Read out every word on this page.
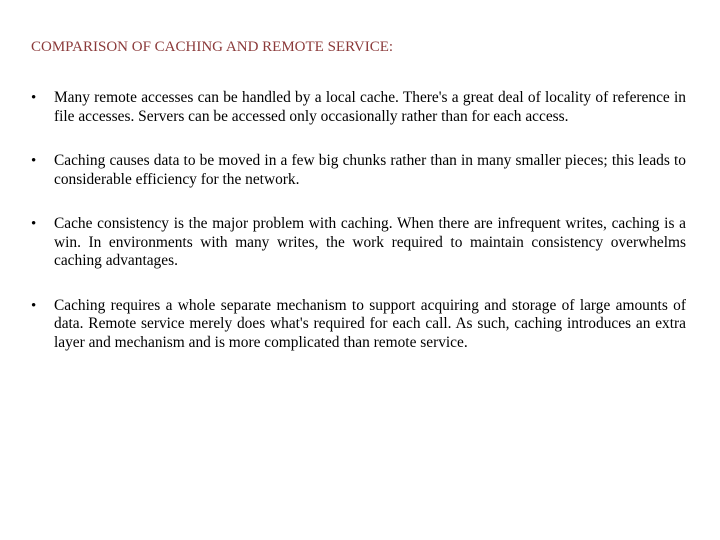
COMPARISON OF CACHING AND REMOTE SERVICE:
• Many remote accesses can be handled by a local cache. There's a great deal of locality of reference in file accesses. Servers can be accessed only occasionally rather than for each access.
• Caching causes data to be moved in a few big chunks rather than in many smaller pieces; this leads to considerable efficiency for the network.
• Cache consistency is the major problem with caching. When there are infrequent writes, caching is a win. In environments with many writes, the work required to maintain consistency overwhelms caching advantages.
• Caching requires a whole separate mechanism to support acquiring and storage of large amounts of data. Remote service merely does what's required for each call. As such, caching introduces an extra layer and mechanism and is more complicated than remote service.
